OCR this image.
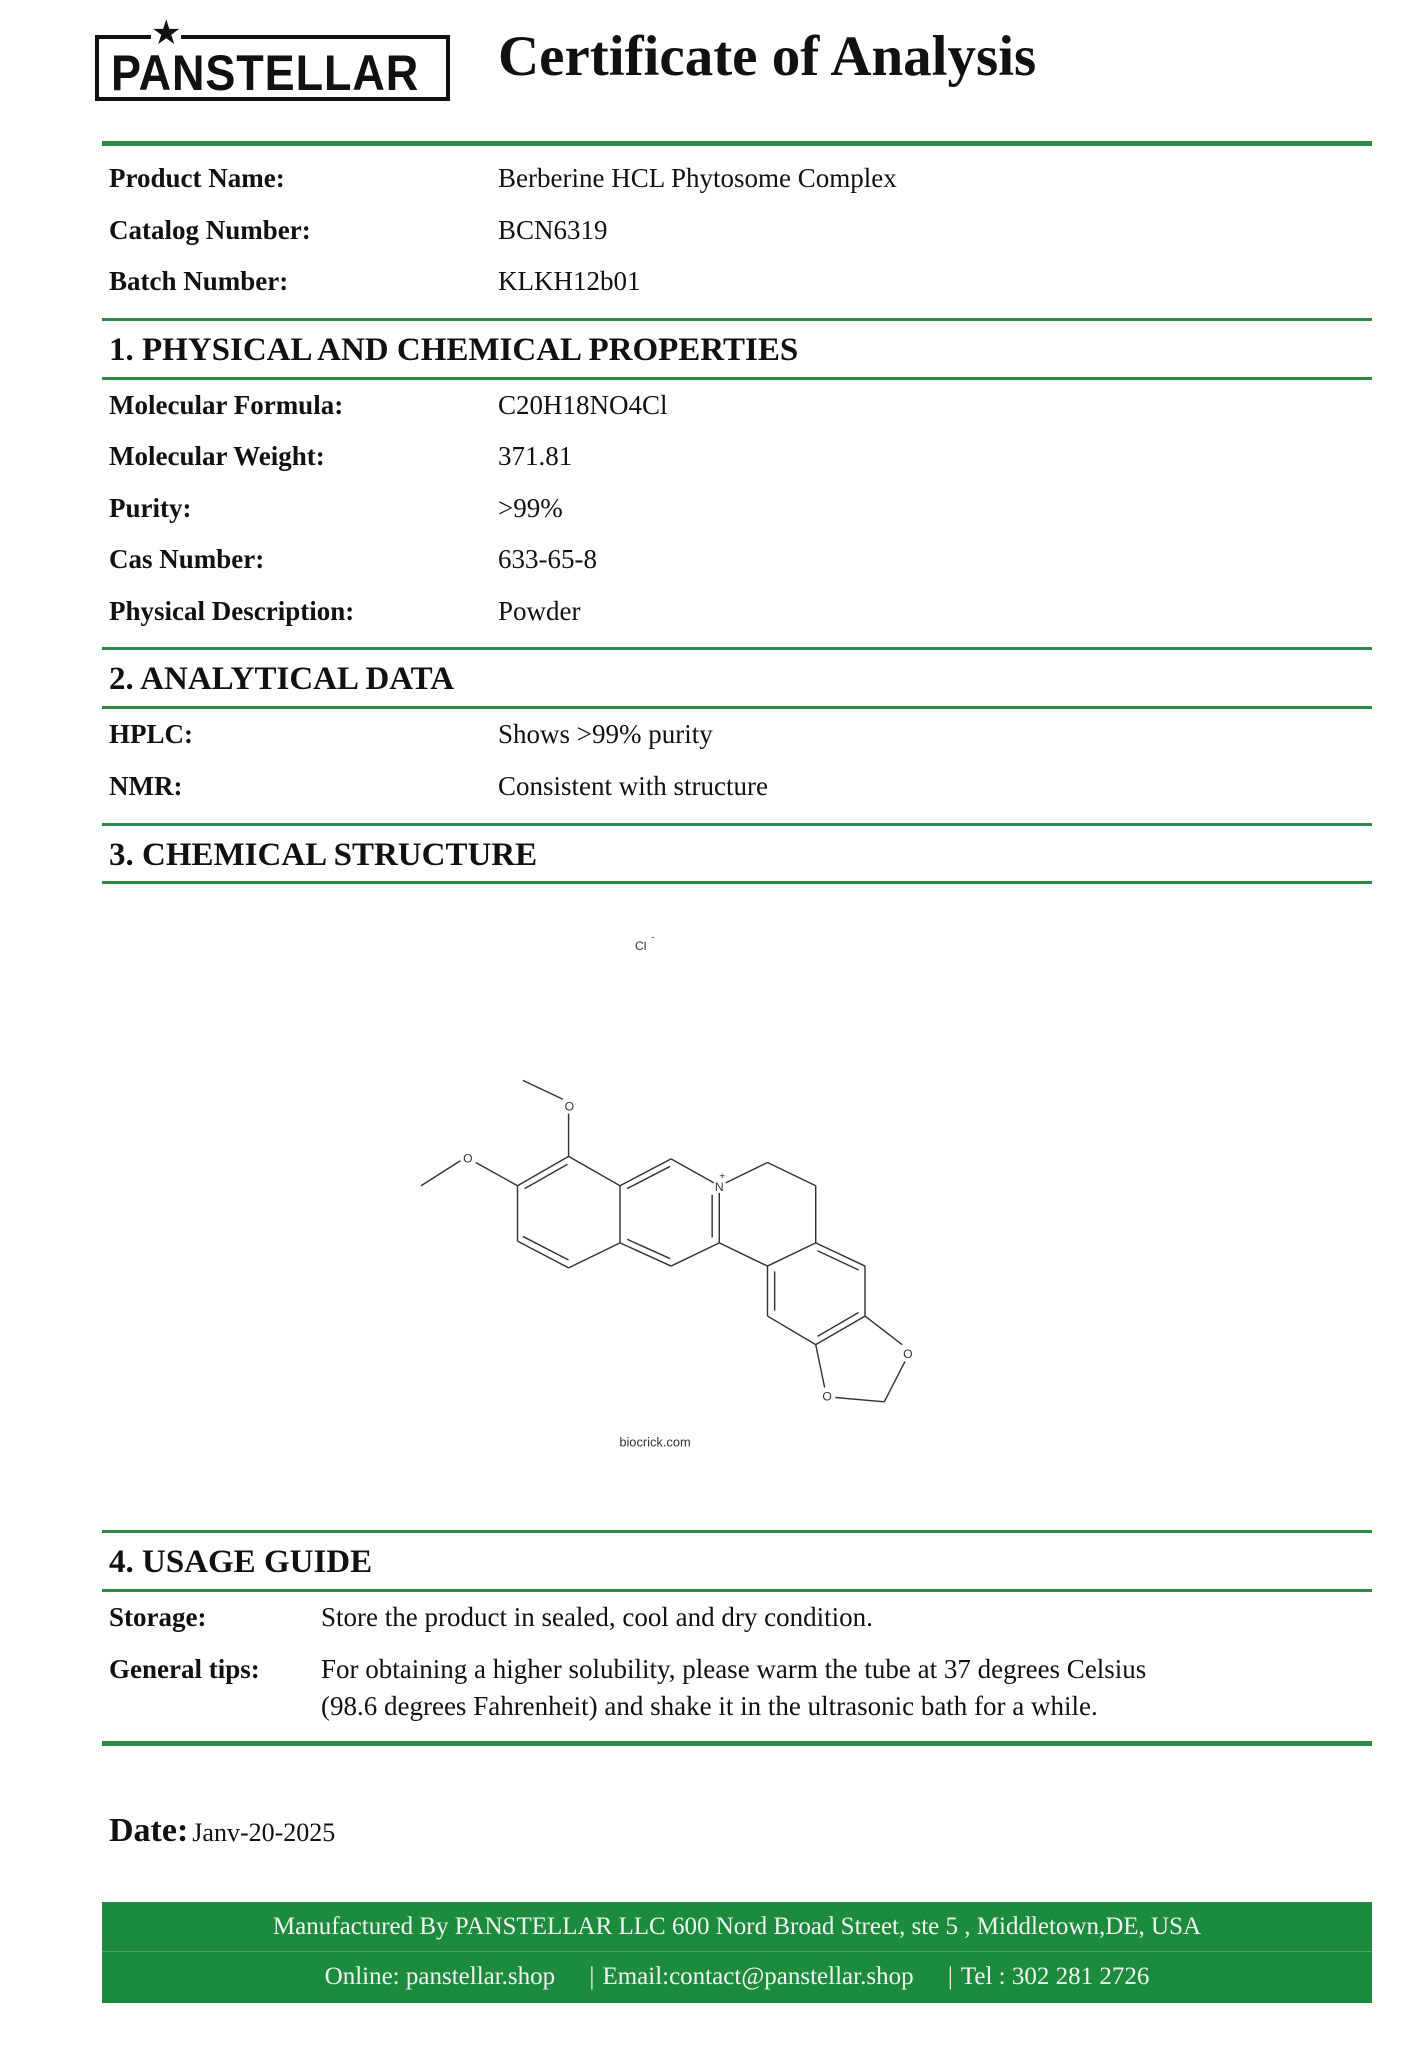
★
PANSTELLAR Certificate of Analysis
Product Name:	Berberine HCL Phytosome Complex
Catalog Number:	BCN6319
Batch Number:	KLKH12b01
1. PHYSICAL AND CHEMICAL PROPERTIES
Molecular Formula:	C20H18NO4Cl
Molecular Weight:	371.81
Purity:	>99%
Cas Number:	633-65-8
Physical Description:	Powder
2. ANALYTICAL DATA
HPLC:	Shows >99% purity
NMR:	Consistent with structure
3. CHEMICAL STRUCTURE
O
O
O
O
N
+
Cl
-
biocrick.com
4. USAGE GUIDE
Storage:	Store the product in sealed, cool and dry condition.
General tips: For obtaining a higher solubility, please warm the tube at 37 degrees Celsius
(98.6 degrees Fahrenheit) and shake it in the ultrasonic bath for a while.
Date: Janv-20-2025
Manufactured By PANSTELLAR LLC 600 Nord Broad Street, ste 5 , Middletown,DE, USA
Online: panstellar.shop | Email:contact@panstellar.shop | Tel : 302 281 2726
